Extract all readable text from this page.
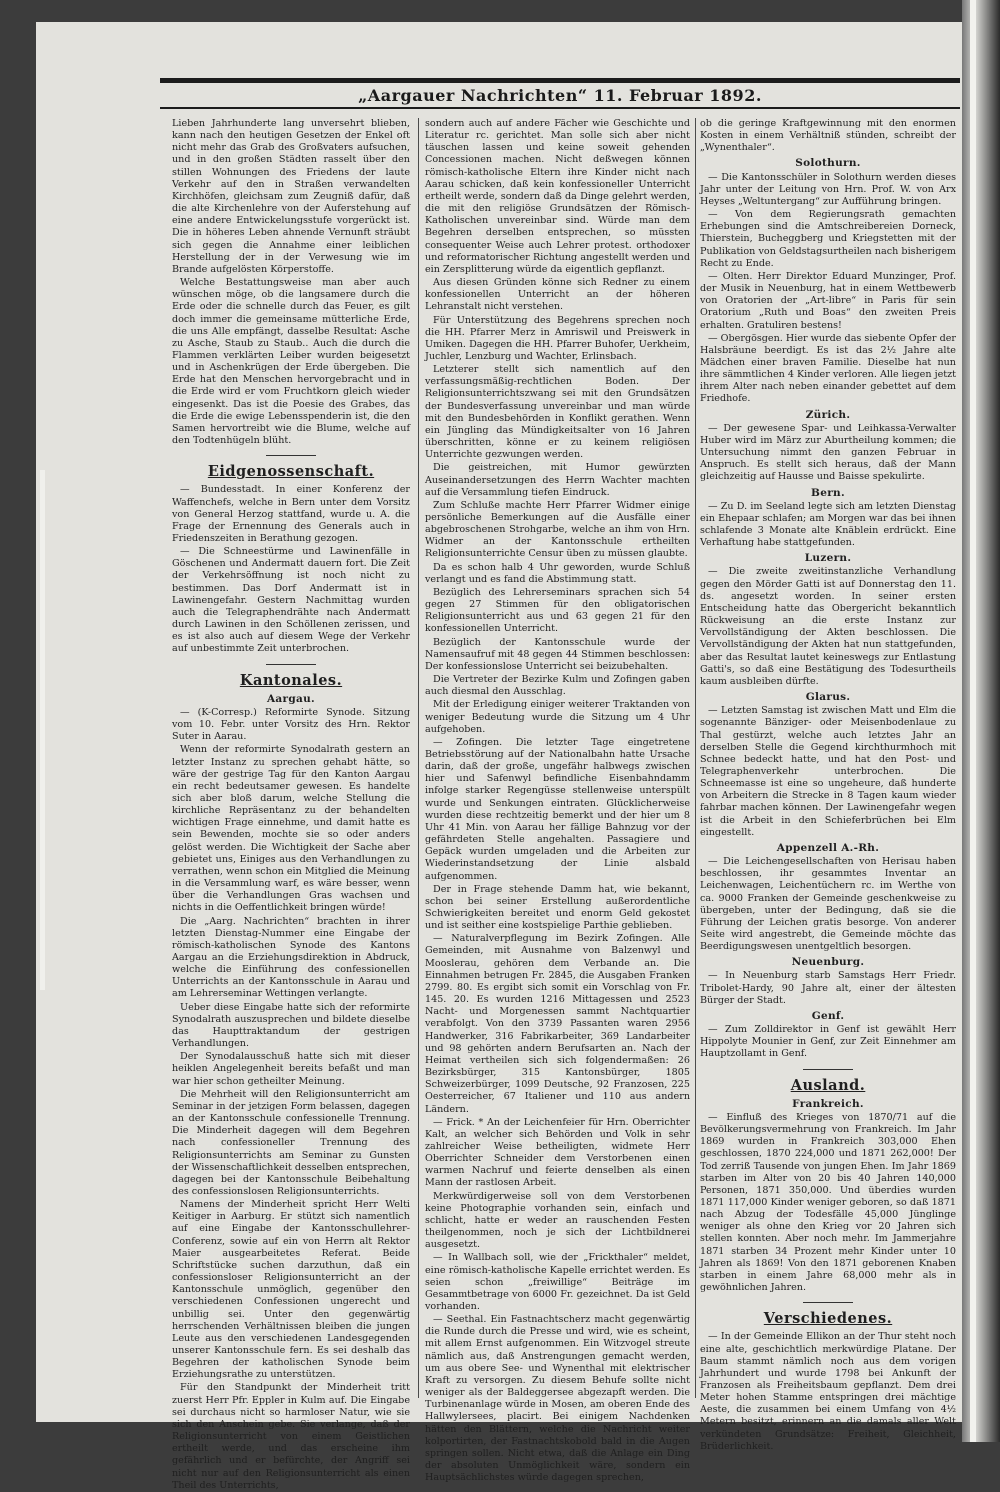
„Aargauer Nachrichten“ 11. Februar 1892.

Lieben Jahrhunderte lang unversehrt blieben, kann nach den heutigen Gesetzen der Enkel oft nicht mehr das Grab des Großvaters aufsuchen, und in den großen Städten rasselt über den stillen Wohnungen des Friedens der laute Verkehr auf den in Straßen verwandelten Kirchhöfen, gleichsam zum Zeugniß dafür, daß die alte Kirchenlehre von der Auferstehung auf eine andere Entwickelungsstufe vorgerückt ist. Die in höheres Leben ahnende Vernunft sträubt sich gegen die Annahme einer leiblichen Herstellung der in der Verwesung wie im Brande aufgelösten Körperstoffe.

Welche Bestattungsweise man aber auch wünschen möge, ob die langsamere durch die Erde oder die schnelle durch das Feuer, es gilt doch immer die gemeinsame mütterliche Erde, die uns Alle empfängt, dasselbe Resultat: Asche zu Asche, Staub zu Staub.. Auch die durch die Flammen verklärten Leiber wurden beigesetzt und in Aschenkrügen der Erde übergeben. Die Erde hat den Menschen hervorgebracht und in die Erde wird er vom Fruchtkorn gleich wieder eingesenkt. Das ist die Poesie des Grabes, das die Erde die ewige Lebensspenderin ist, die den Samen hervortreibt wie die Blume, welche auf den Todtenhügeln blüht.

Eidgenossenschaft.

— Bundesstadt. In einer Konferenz der Waffenchefs, welche in Bern unter dem Vorsitz von General Herzog stattfand, wurde u. A. die Frage der Ernennung des Generals auch in Friedenszeiten in Berathung gezogen.

— Die Schneestürme und Lawinenfälle in Göschenen und Andermatt dauern fort. Die Zeit der Verkehrsöffnung ist noch nicht zu bestimmen. Das Dorf Andermatt ist in Lawinengefahr. Gestern Nachmittag wurden auch die Telegraphendrähte nach Andermatt durch Lawinen in den Schöllenen zerissen, und es ist also auch auf diesem Wege der Verkehr auf unbestimmte Zeit unterbrochen.

Kantonales.
Aargau.

— (K-Corresp.) Reformirte Synode. Sitzung vom 10. Febr. unter Vorsitz des Hrn. Rektor Suter in Aarau.

Wenn der reformirte Synodalrath gestern an letzter Instanz zu sprechen gehabt hätte, so wäre der gestrige Tag für den Kanton Aargau ein recht bedeutsamer gewesen. Es handelte sich aber bloß darum, welche Stellung die kirchliche Repräsentanz zu der behandelten wichtigen Frage einnehme, und damit hatte es sein Bewenden, mochte sie so oder anders gelöst werden. Die Wichtigkeit der Sache aber gebietet uns, Einiges aus den Verhandlungen zu verrathen, wenn schon ein Mitglied die Meinung in die Versammlung warf, es wäre besser, wenn über die Verhandlungen Gras wachsen und nichts in die Oeffentlichkeit bringen würde!

Die „Aarg. Nachrichten“ brachten in ihrer letzten Dienstag-Nummer eine Eingabe der römisch-katholischen Synode des Kantons Aargau an die Erziehungsdirektion in Abdruck, welche die Einführung des confessionellen Unterrichts an der Kantonsschule in Aarau und am Lehrerseminar Wettingen verlangte.

Ueber diese Eingabe hatte sich der reformirte Synodalrath auszusprechen und bildete dieselbe das Haupttraktandum der gestrigen Verhandlungen.

Der Synodalausschuß hatte sich mit dieser heiklen Angelegenheit bereits befaßt und man war hier schon getheilter Meinung.

Die Mehrheit will den Religionsunterricht am Seminar in der jetzigen Form belassen, dagegen an der Kantonsschule confessionelle Trennung. Die Minderheit dagegen will dem Begehren nach confessioneller Trennung des Religionsunterrichts am Seminar zu Gunsten der Wissenschaftlichkeit desselben entsprechen, dagegen bei der Kantonsschule Beibehaltung des confessionslosen Religionsunterrichts.

Namens der Minderheit spricht Herr Welti Keitiger in Aarburg. Er stützt sich namentlich auf eine Eingabe der Kantonsschullehrer-Conferenz, sowie auf ein von Herrn alt Rektor Maier ausgearbeitetes Referat. Beide Schriftstücke suchen darzuthun, daß ein confessionsloser Religionsunterricht an der Kantonsschule unmöglich, gegenüber den verschiedenen Confessionen ungerecht und unbillig sei. Unter den gegenwärtig herrschenden Verhältnissen bleiben die jungen Leute aus den verschiedenen Landesgegenden unserer Kantonsschule fern. Es sei deshalb das Begehren der katholischen Synode beim Erziehungsrathe zu unterstützen.

Für den Standpunkt der Minderheit tritt zuerst Herr Pfr. Eppler in Kulm auf. Die Eingabe sei durchaus nicht so harmloser Natur, wie sie sich den Anschein gebe. Sie verlange, daß der Religionsunterricht von einem Geistlichen ertheilt werde, und das erscheine ihm gefährlich und er befürchte, der Angriff sei nicht nur auf den Religionsunterricht als einen Theil des Unterrichts,

sondern auch auf andere Fächer wie Geschichte und Literatur rc. gerichtet. Man solle sich aber nicht täuschen lassen und keine soweit gehenden Concessionen machen. Nicht deßwegen können römisch-katholische Eltern ihre Kinder nicht nach Aarau schicken, daß kein konfessioneller Unterricht ertheilt werde, sondern daß da Dinge gelehrt werden, die mit den religiöse Grundsätzen der Römisch-Katholischen unvereinbar sind. Würde man dem Begehren derselben entsprechen, so müssten consequenter Weise auch Lehrer protest. orthodoxer und reformatorischer Richtung angestellt werden und ein Zersplitterung würde da eigentlich gepflanzt.

Aus diesen Gründen könne sich Redner zu einem konfessionellen Unterricht an der höheren Lehranstalt nicht verstehen.

Für Unterstützung des Begehrens sprechen noch die HH. Pfarrer Merz in Amriswil und Preiswerk in Umiken. Dagegen die HH. Pfarrer Buhofer, Uerkheim, Juchler, Lenzburg und Wachter, Erlinsbach.

Letzterer stellt sich namentlich auf den verfassungsmäßig-rechtlichen Boden. Der Religionsunterrichtszwang sei mit den Grundsätzen der Bundesverfassung unvereinbar und man würde mit den Bundesbehörden in Konflikt gerathen. Wenn ein Jüngling das Mündigkeitsalter von 16 Jahren überschritten, könne er zu keinem religiösen Unterrichte gezwungen werden.

Die geistreichen, mit Humor gewürzten Auseinandersetzungen des Herrn Wachter machten auf die Versammlung tiefen Eindruck.

Zum Schluße machte Herr Pfarrer Widmer einige persönliche Bemerkungen auf die Ausfälle einer abgebroschenen Strohgarbe, welche an ihm von Hrn. Widmer an der Kantonsschule ertheilten Religionsunterrichte Censur üben zu müssen glaubte.

Da es schon halb 4 Uhr geworden, wurde Schluß verlangt und es fand die Abstimmung statt.

Bezüglich des Lehrerseminars sprachen sich 54 gegen 27 Stimmen für den obligatorischen Religionsunterricht aus und 63 gegen 21 für den konfessionellen Unterricht.

Bezüglich der Kantonsschule wurde der Namensaufruf mit 48 gegen 44 Stimmen beschlossen: Der konfessionslose Unterricht sei beizubehalten.

Die Vertreter der Bezirke Kulm und Zofingen gaben auch diesmal den Ausschlag.

Mit der Erledigung einiger weiterer Traktanden von weniger Bedeutung wurde die Sitzung um 4 Uhr aufgehoben.

— Zofingen. Die letzter Tage eingetretene Betriebsstörung auf der Nationalbahn hatte Ursache darin, daß der große, ungefähr halbwegs zwischen hier und Safenwyl befindliche Eisenbahndamm infolge starker Regengüsse stellenweise unterspült wurde und Senkungen eintraten. Glücklicherweise wurden diese rechtzeitig bemerkt und der hier um 8 Uhr 41 Min. von Aarau her fällige Bahnzug vor der gefährdeten Stelle angehalten. Passagiere und Gepäck wurden umgeladen und die Arbeiten zur Wiederinstandsetzung der Linie alsbald aufgenommen.

Der in Frage stehende Damm hat, wie bekannt, schon bei seiner Erstellung außerordentliche Schwierigkeiten bereitet und enorm Geld gekostet und ist seither eine kostspielige Parthie geblieben.

— Naturalverpflegung im Bezirk Zofingen. Alle Gemeinden, mit Ausnahme von Balzenwyl und Mooslerau, gehören dem Verbande an. Die Einnahmen betrugen Fr. 2845, die Ausgaben Franken 2799. 80. Es ergibt sich somit ein Vorschlag von Fr. 145. 20. Es wurden 1216 Mittagessen und 2523 Nacht- und Morgenessen sammt Nachtquartier verabfolgt. Von den 3739 Passanten waren 2956 Handwerker, 316 Fabrikarbeiter, 369 Landarbeiter und 98 gehörten andern Berufsarten an. Nach der Heimat vertheilen sich sich folgendermaßen: 26 Bezirksbürger, 315 Kantonsbürger, 1805 Schweizerbürger, 1099 Deutsche, 92 Franzosen, 225 Oesterreicher, 67 Italiener und 110 aus andern Ländern.

— Frick. * An der Leichenfeier für Hrn. Oberrichter Kalt, an welcher sich Behörden und Volk in sehr zahlreicher Weise betheiligten, widmete Herr Oberrichter Schneider dem Verstorbenen einen warmen Nachruf und feierte denselben als einen Mann der rastlosen Arbeit.

Merkwürdigerweise soll von dem Verstorbenen keine Photographie vorhanden sein, einfach und schlicht, hatte er weder an rauschenden Festen theilgenommen, noch je sich der Lichtbildnerei ausgesetzt.

— In Wallbach soll, wie der „Frickthaler“ meldet, eine römisch-katholische Kapelle errichtet werden. Es seien schon „freiwillige“ Beiträge im Gesammtbetrage von 6000 Fr. gezeichnet. Da ist Geld vorhanden.

— Seethal. Ein Fastnachtscherz macht gegenwärtig die Runde durch die Presse und wird, wie es scheint, mit allem Ernst aufgenommen. Ein Witzvogel streute nämlich aus, daß Anstrengungen gemacht werden, um aus obere See- und Wynenthal mit elektrischer Kraft zu versorgen. Zu diesem Behufe sollte nicht weniger als der Baldeggersee abgezapft werden. Die Turbinenanlage würde in Mosen, am oberen Ende des Hallwylersees, placirt. Bei einigem Nachdenken hätten den Blättern, welche die Nachricht weiter kolportirten, der Fastnachtskobold bald in die Augen springen sollen. Nicht etwa, daß die Anlage ein Ding der absoluten Unmöglichkeit wäre, sondern ein Hauptsächlichstes würde dagegen sprechen,

ob die geringe Kraftgewinnung mit den enormen Kosten in einem Verhältniß stünden, schreibt der „Wynenthaler“.

Solothurn.

— Die Kantonsschüler in Solothurn werden dieses Jahr unter der Leitung von Hrn. Prof. W. von Arx Heyses „Weltuntergang“ zur Aufführung bringen.

— Von dem Regierungsrath gemachten Erhebungen sind die Amtschreibereien Dorneck, Thierstein, Bucheggberg und Kriegstetten mit der Publikation von Geldstagsurtheilen nach bisherigem Recht zu Ende.

— Olten. Herr Direktor Eduard Munzinger, Prof. der Musik in Neuenburg, hat in einem Wettbewerb von Oratorien der „Art-libre“ in Paris für sein Oratorium „Ruth und Boas“ den zweiten Preis erhalten. Gratuliren bestens!

— Obergösgen. Hier wurde das siebente Opfer der Halsbräune beerdigt. Es ist das 2½ Jahre alte Mädchen einer braven Familie. Dieselbe hat nun ihre sämmtlichen 4 Kinder verloren. Alle liegen jetzt ihrem Alter nach neben einander gebettet auf dem Friedhofe.

Zürich.

— Der gewesene Spar- und Leihkassa-Verwalter Huber wird im März zur Aburtheilung kommen; die Untersuchung nimmt den ganzen Februar in Anspruch. Es stellt sich heraus, daß der Mann gleichzeitig auf Hausse und Baisse spekulirte.

Bern.

— Zu D. im Seeland legte sich am letzten Dienstag ein Ehepaar schlafen; am Morgen war das bei ihnen schlafende 3 Monate alte Knäblein erdrückt. Eine Verhaftung habe stattgefunden.

Luzern.

— Die zweite zweitinstanzliche Verhandlung gegen den Mörder Gatti ist auf Donnerstag den 11. ds. angesetzt worden. In seiner ersten Entscheidung hatte das Obergericht bekanntlich Rückweisung an die erste Instanz zur Vervollständigung der Akten beschlossen. Die Vervollständigung der Akten hat nun stattgefunden, aber das Resultat lautet keineswegs zur Entlastung Gatti's, so daß eine Bestätigung des Todesurtheils kaum ausbleiben dürfte.

Glarus.

— Letzten Samstag ist zwischen Matt und Elm die sogenannte Bänziger- oder Meisenbodenlaue zu Thal gestürzt, welche auch letztes Jahr an derselben Stelle die Gegend kirchthurmhoch mit Schnee bedeckt hatte, und hat den Post- und Telegraphenverkehr unterbrochen. Die Schneemasse ist eine so ungeheure, daß hunderte von Arbeitern die Strecke in 8 Tagen kaum wieder fahrbar machen können. Der Lawinengefahr wegen ist die Arbeit in den Schieferbrüchen bei Elm eingestellt.

Appenzell A.-Rh.

— Die Leichengesellschaften von Herisau haben beschlossen, ihr gesammtes Inventar an Leichenwagen, Leichentüchern rc. im Werthe von ca. 9000 Franken der Gemeinde geschenkweise zu übergeben, unter der Bedingung, daß sie die Führung der Leichen gratis besorge. Von anderer Seite wird angestrebt, die Gemeinde möchte das Beerdigungswesen unentgeltlich besorgen.

Neuenburg.

— In Neuenburg starb Samstags Herr Friedr. Tribolet-Hardy, 90 Jahre alt, einer der ältesten Bürger der Stadt.

Genf.

— Zum Zolldirektor in Genf ist gewählt Herr Hippolyte Mounier in Genf, zur Zeit Einnehmer am Hauptzollamt in Genf.

Ausland.
Frankreich.

— Einfluß des Krieges von 1870/71 auf die Bevölkerungsvermehrung von Frankreich. Im Jahr 1869 wurden in Frankreich 303,000 Ehen geschlossen, 1870 224,000 und 1871 262,000! Der Tod zerriß Tausende von jungen Ehen. Im Jahr 1869 starben im Alter von 20 bis 40 Jahren 140,000 Personen, 1871 350,000. Und überdies wurden 1871 117,000 Kinder weniger geboren, so daß 1871 nach Abzug der Todesfälle 45,000 Jünglinge weniger als ohne den Krieg vor 20 Jahren sich stellen konnten. Aber noch mehr. Im Jammerjahre 1871 starben 34 Prozent mehr Kinder unter 10 Jahren als 1869! Von den 1871 geborenen Knaben starben in einem Jahre 68,000 mehr als in gewöhnlichen Jahren.

Verschiedenes.

— In der Gemeinde Ellikon an der Thur steht noch eine alte, geschichtlich merkwürdige Platane. Der Baum stammt nämlich noch aus dem vorigen Jahrhundert und wurde 1798 bei Ankunft der Franzosen als Freiheitsbaum gepflanzt. Dem drei Meter hohen Stamme entspringen drei mächtige Aeste, die zusammen bei einem Umfang von 4½ Metern besitzt, erinnern an die damals aller Welt verkündeten Grundsätze: Freiheit, Gleichheit, Brüderlichkeit.
